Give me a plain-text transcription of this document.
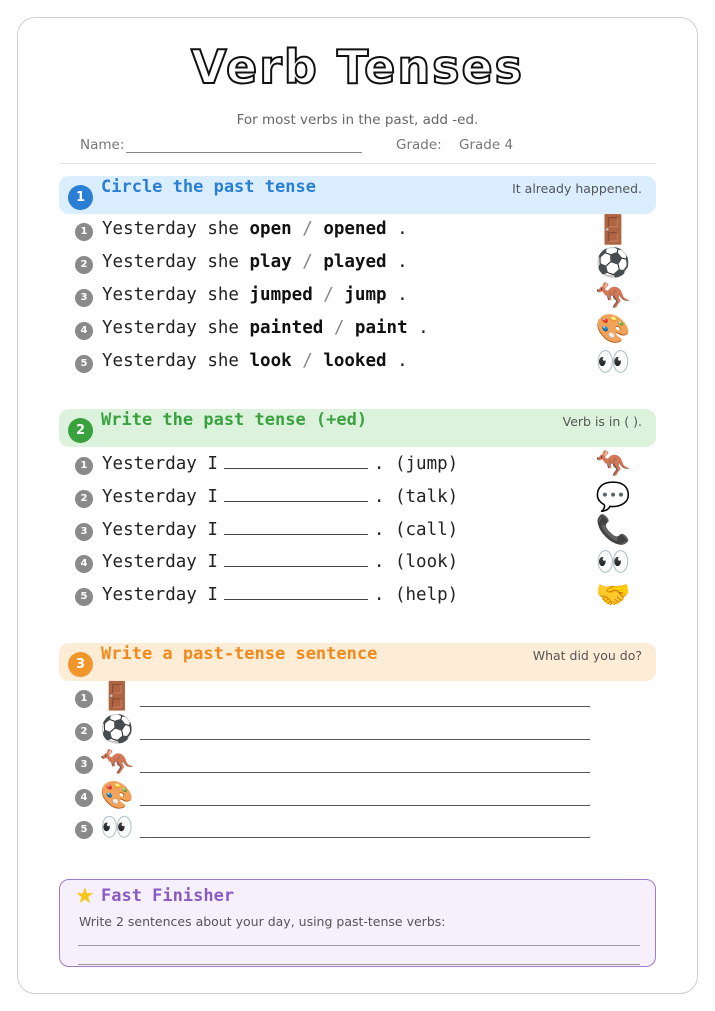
Verb Tenses
For most verbs in the past, add -ed.
Name:	Grade: Grade 4
1
Circle the past tense	It already happened.
1 Yesterday she open / opened .	🚪
2 Yesterday she play / played .	⚽
3 Yesterday she jumped / jump .	🦘
4 Yesterday she painted / paint .	🎨
5 Yesterday she look / looked .	👀
2
Write the past tense (+ed)	Verb is in ( ).
1 Yesterday I	. (jump)	🦘
2 Yesterday I	. (talk)	💬
3 Yesterday I	. (call)	📞
4 Yesterday I	. (look)	👀
5 Yesterday I	. (help)	🤝
3
Write a past-tense sentence	What did you do?
1 🚪
2 ⚽
3 🦘
4 🎨
5 👀
★ Fast Finisher
Write 2 sentences about your day, using past-tense verbs:
